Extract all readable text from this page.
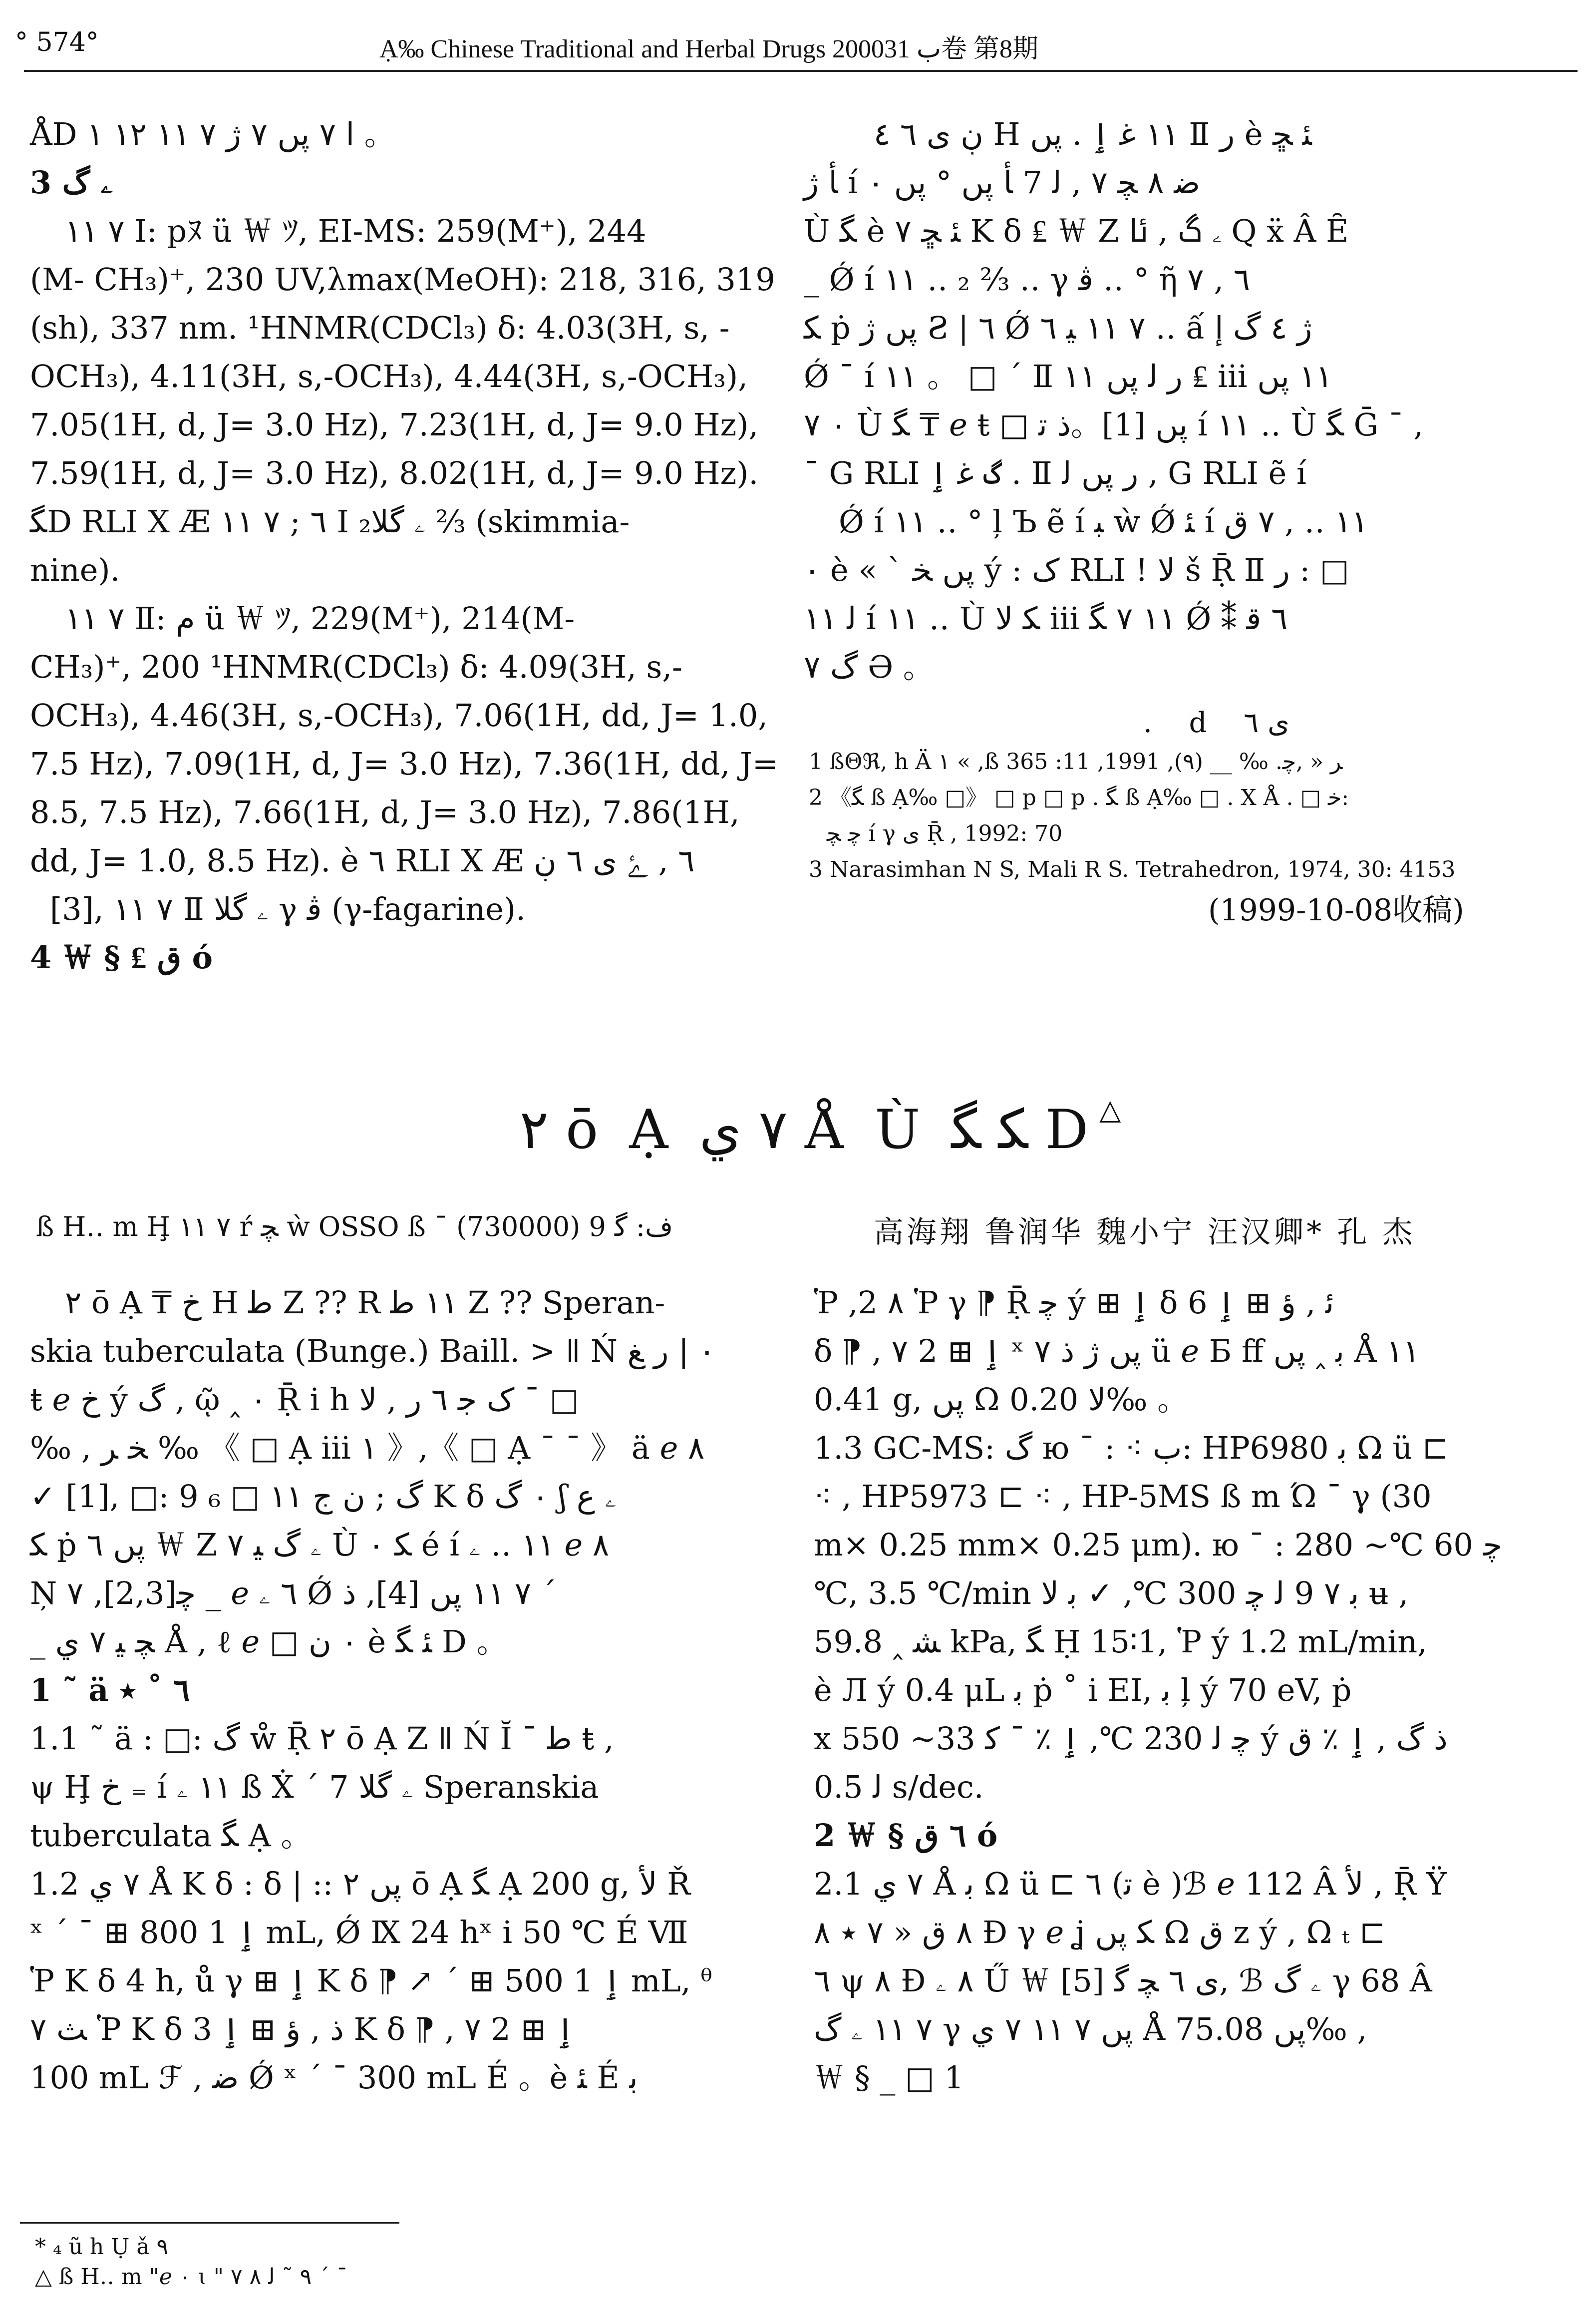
° 574°	Ạ‰ Chinese Traditional and Herbal Drugs 2000ب 31卷 第8期

ÅD ا ٧ پں ٧ ژ ٧ ١١ ١٢ ١ 。

3 ۦ گ

٧ ١١ Ⅰ: pﾇ ü ￦ ﾂ, EI-MS: 259(M⁺), 244

(M- CH₃)⁺, 230 UV,λmax(MeOH): 218, 316, 319

(sh), 337 nm. ¹HNMR(CDCl₃) δ: 4.03(3H, s, -

OCH₃), 4.11(3H, s,-OCH₃), 4.44(3H, s,-OCH₃),

7.05(1H, d, J= 3.0 Hz), 7.23(1H, d, J= 9.0 Hz),

7.59(1H, d, J= 3.0 Hz), 8.02(1H, d, J= 9.0 Hz).

ﮕD RLI X Æ ٦ ; ٧ ١١ Ⅰ ۦ گلا₂ ⅔ (skimmia-

nine).

٧ ١١ Ⅱ: م ü ￦ ﾂ, 229(M⁺), 214(M-

CH₃)⁺, 200 ¹HNMR(CDCl₃) δ: 4.09(3H, s,-

OCH₃), 4.46(3H, s,-OCH₃), 7.06(1H, dd, J= 1.0,

7.5 Hz), 7.09(1H, d, J= 3.0 Hz), 7.36(1H, dd, J=

8.5, 7.5 Hz), 7.66(1H, d, J= 3.0 Hz), 7.86(1H,

dd, J= 1.0, 8.5 Hz). è ٦ RLI X Æ ٦ , ﮰ ى ٦ ڹ

[3], ٧ ١١ Ⅱ ۦ گلا γ ﭬ (γ-fagarine).

4 ￦ § ₤ ﻕ ó

ڹ ى ٦ ٤ H ١١ ﻏ ٳ . پں Ⅱ ﺭ è ﺌ ﮁ

ﺄ ژ í ﺿ ٨ ﭽ ٧ , ﻟ 7 ﺄ پں ° پں ٠

Ù ﮕ è ﺌ ﮁ ٧ K δ ₤ ￦ Z ۦ گ , ﯪ Q ẍ Â Ȇ

_ Ǿ í ١١ ‥ ₂ ⅔ ‥ γ ﭬ ‥ ° ῆ ٦ , ٧

ﮑ ṗ پں ژ Ƨ | ٦ Ǿ ٧ ١١ ﯿ ٦ ‥ ấ ژ ٤ گ ﺇ

Ǿ ¯ í ١١ 。 □ ´ Ⅱ ﺭ ﻟ پں ١١ ₤ iii ١١ پں

٠ ٧ Ù ﮕ ₸ ℯ ŧ □ پں [1]。ﺫ ﺗ í ١١ ‥ Ù ﮕ Ḡ ¯ ,

¯ G RLI گ ﻏ ٳ . Ⅱ ﺭ پں ﻟ , G RLI ẽ í

Ǿ í ١١ ‥ ° ļ Ъ ẽ í ﺒ ẁ Ǿ ﺌ í ١١ ‥ , ٧ ﻕ

٠ è « ` پں ﺨ ý : ک RLI ! ﻻ š Ṝ Ⅱ ﺭ : □

ﻟ ١١ í ١١ ‥ Ù ﮑ ﻻ iii ١١ ٧ ﮕ Ǿ ⁑ ٦ ﻗ

گ ٧ Ә 。

. d ى ٦

1 ßΘℜ, h Ä ١ « ,ß ﺮ « ,ﭼ. ‰ __ (٩), 1991, 11: 365

2 《ﮕ ß Ạ‰ □》 □ p □ p . ﮕ ß Ạ‰ □ . X Å . □ ﺧ:

ﭼ ﭽ í γ ى Ṝ , 1992: 70

3 Narasimhan N S, Mali R S. Tetrahedron, 1974, 30: 4153

(1999-10-08收稿)
٢ ō Ạ ٧ ﻱ Å Ù ﮑ ﮕ D △
ß H‥ m Ḩ ٧ ١١ ŕ ﭽ ẁ OSSO ß ¯ ﻑ: ﮔ 9 (730000)	高海翔 鲁润华 魏小宁 汪汉卿* 孔 杰

٢ ō Ạ ₸ ﺥ H ﻃ Z ?? R ١١ ﻃ Z ?? Speran-

skia tuberculata (Bunge.) Baill. > ǁ Ń ٠ | ﺭ ﻎ

ŧ ℯ ﺥ ý ﮒ , ῷ ‸ ٠ Ṝ i h ﮎ ﺟ ٦ ﺭ , ﻻ ¯ □

‰ , ﺨ ﺮ ‰ 《 □ Ạ iii ١ 》,《 □ Ạ ˉ ˉ 》 ä ℯ ٨

✓ [1], □: 9 ﮒ ; ﻥ ﺝ ١١ □ ₆ K δ ٠ ﮒ ʃ ۦ ع

ﮑ ṗ پں ٦ ￦ Z ۦ گ ﯿ ٧ Ù ﮑ ٠ é í ١١ ‥ ۦ ℯ ٨

Ņ ﭼ[2,3], ٧ _ ℯ ٦ ۦ Ǿ ٧ ١١ پں [4], ﺫ ´

_ ﭽ ﯿ ٧ ﻱ Å , ℓ ℯ □ ٠ ﻥ è ﺌ ﮕ D 。

1 ˜ ä ٦ ˚ ٭

1.1 ˜ ä : □: ﮒ ẘ Ṝ ٢ ō Ạ Z ǁ Ń Ῐ ¯ ﻃ ŧ ,

ψ Ḩ ﺥ ₌ í ١١ ۦ ß Ẋ ´ 7 ۦ گلا Speranskia

tuberculata ﮕ Ạ 。

1.2 ٧ ﻱ Å K δ : δ | :: پں ٢ ō Ạ ﮕ Ạ 200 g, ﻷ Ř

ˣ ´ ¯ ⊞ ٳ 1 800 mL, Ǿ Ⅸ 24 hˣ i 50 ℃ É Ⅶ

Ῥ K δ 4 h, ů γ ⊞ ٳ K δ ⁋ ↗ ´ ⊞ ٳ 1 500 mL, ᶿ

ﺚ ٧ Ῥ K δ 3 ﺫ , ﺅ ⊞ ٳ K δ ⁋ , ٧ 2 ⊞ ٳ

100 mL ℱ , ﺿ Ǿ ˣ ´ ¯ 300 mL É 。è ﺌ É ﺑ

Ῥ ,2 ٨ Ῥ γ ⁋ Ṝ ﭼ ý ⊞ ٳ δ 6 ﺋ , ﺅ ⊞ ٳ

δ ⁋ , ٧ 2 ⊞ ٳ ˣ پں ژ ﺫ ٧ ü ℯ Б ﬀ ﺑ ‸ پں Å ١١

0.41 g, پں Ω ﻻ 0.20‰ 。

1.3 GC-MS: ﮒ ю ¯ : ⁖ ﺏ: HP6980 ﺑ Ω ü ⊏

⁖ , HP5973 ⊏ ⁖ , HP-5MS ß m Ώ ˉ γ (30

m× 0.25 mm× 0.25 μm). ю ¯ : ﭼ 60 ℃~ 280

℃, 3.5 ℃/min ﺑ ٧ 9 ﻟ ﭼ 300 ℃, ✓ ﺑ ﻻ ʉ ,

ﺸ ‸ 59.8 kPa, ﮕ Ḥ 15∶1, Ῥ ý 1.2 mL/min,

è Л ý 0.4 μL ﺑ ṗ ˚ i EI, ﺑ ļ ý 70 eV, ṗ

x ﭼ ﻟ 230 ℃, ٳ ٪ ˉ ﮐ 33~ 550 ý ﺫ ﮒ , ٳ ٪ ﻕ

ﻟ 0.5 s/dec.

2 ￦ § ٦ ﻕ ó

2.1 ٧ ﻱ Å ﺑ Ω ü ⊏ ٦ (ﺗ è )ℬ ℯ 112 Â ﻷ , Ṝ Ÿ

٨ ﻕ « ٧ ٭ ٨ Ð γ ℯ ʝ ﮑ پں Ω ﻕ z ý , Ω ₜ ⊏

٦ ψ ٨ Ð ٨ ۦ Ű ￦ ى ٦ ﭽ ﮔ [5], ℬ ۦ گ γ 68 Â

٧ ١١ ۦ گ γ پں ٧ ١١ ٧ ﻱ Å پں 75.08‰ ,

￦ § _ □ 1

* ₄ ũ h Ụ ǎ ٩

△ ß H‥ m "ℯ ٠ ɩ " ٩ ˜ ﻟ ٨ ٧ ´ ˉ
